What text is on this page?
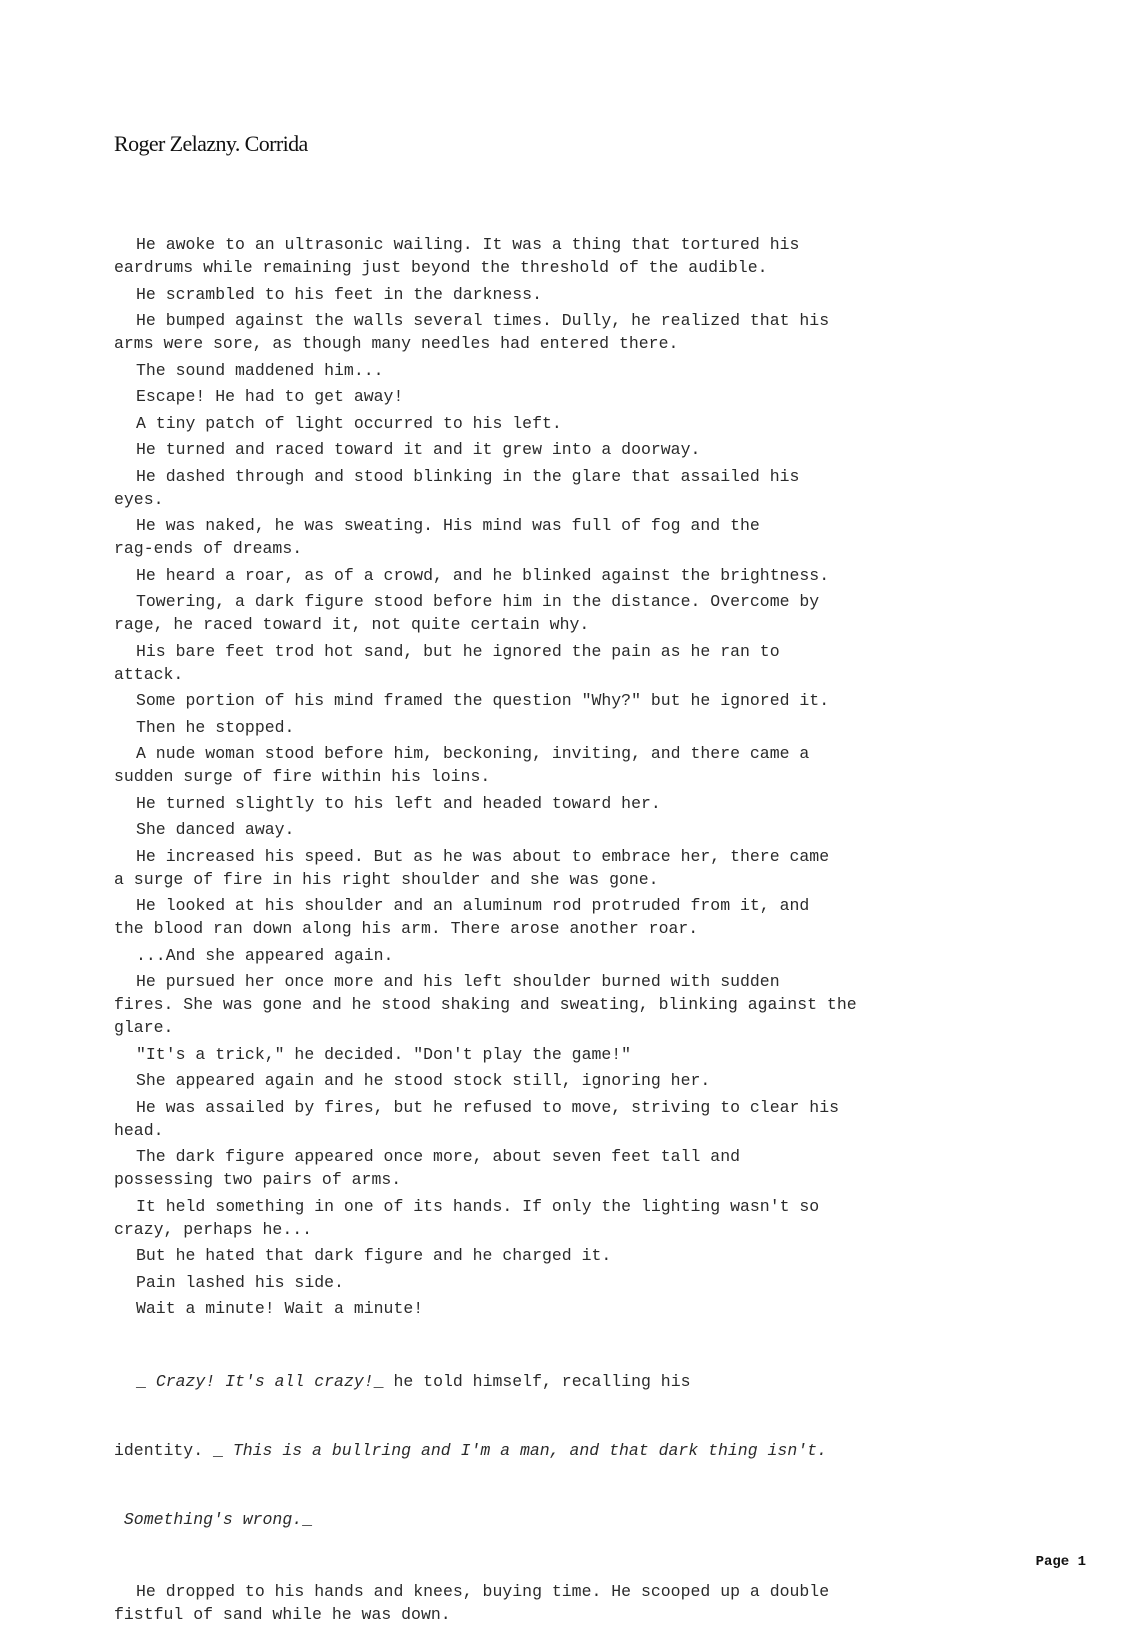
Roger Zelazny. Corrida

He awoke to an ultrasonic wailing. It was a thing that tortured his
eardrums while remaining just beyond the threshold of the audible.

He scrambled to his feet in the darkness.

He bumped against the walls several times. Dully, he realized that his
arms were sore, as though many needles had entered there.

The sound maddened him...

Escape! He had to get away!

A tiny patch of light occurred to his left.

He turned and raced toward it and it grew into a doorway.

He dashed through and stood blinking in the glare that assailed his
eyes.

He was naked, he was sweating. His mind was full of fog and the
rag-ends of dreams.

He heard a roar, as of a crowd, and he blinked against the brightness.

Towering, a dark figure stood before him in the distance. Overcome by
rage, he raced toward it, not quite certain why.

His bare feet trod hot sand, but he ignored the pain as he ran to
attack.

Some portion of his mind framed the question "Why?" but he ignored it.

Then he stopped.

A nude woman stood before him, beckoning, inviting, and there came a
sudden surge of fire within his loins.

He turned slightly to his left and headed toward her.

She danced away.

He increased his speed. But as he was about to embrace her, there came
a surge of fire in his right shoulder and she was gone.

He looked at his shoulder and an aluminum rod protruded from it, and
the blood ran down along his arm. There arose another roar.

...And she appeared again.

He pursued her once more and his left shoulder burned with sudden
fires. She was gone and he stood shaking and sweating, blinking against the
glare.

"It's a trick," he decided. "Don't play the game!"

She appeared again and he stood stock still, ignoring her.

He was assailed by fires, but he refused to move, striving to clear his
head.

The dark figure appeared once more, about seven feet tall and
possessing two pairs of arms.

It held something in one of its hands. If only the lighting wasn't so
crazy, perhaps he...

But he hated that dark figure and he charged it.

Pain lashed his side.

Wait a minute! Wait a minute!

_ Crazy! It's all crazy!_ he told himself, recalling his

identity. _ This is a bullring and I'm a man, and that dark thing isn't.

Something's wrong._

He dropped to his hands and knees, buying time. He scooped up a double
fistful of sand while he was down.

Page 1
